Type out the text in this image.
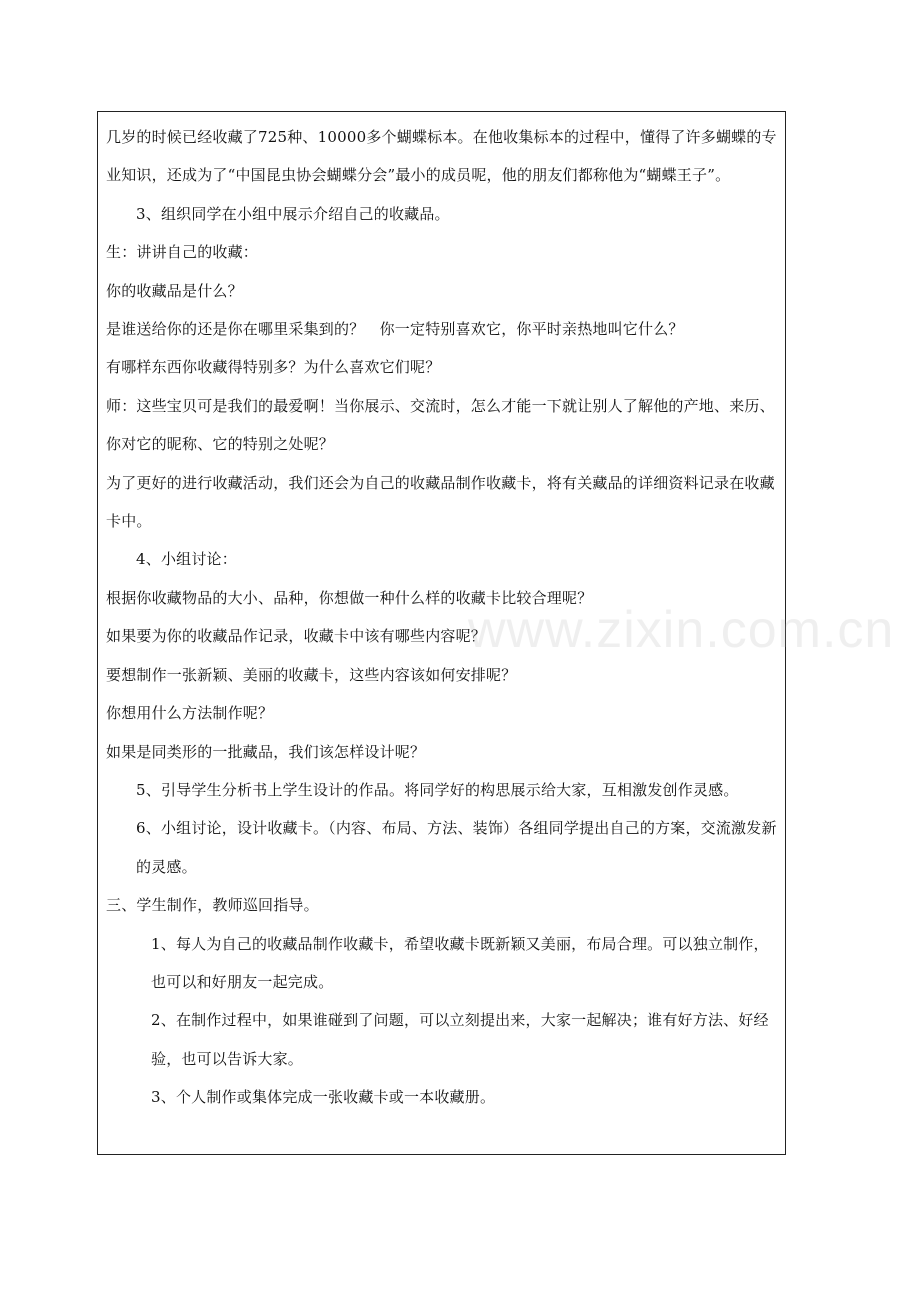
几岁的时候已经收藏了725种、10000多个蝴蝶标本。在他收集标本的过程中，懂得了许多蝴蝶的专业知识，还成为了“中国昆虫协会蝴蝶分会”最小的成员呢，他的朋友们都称他为“蝴蝶王子”。

3、组织同学在小组中展示介绍自己的收藏品。

生：讲讲自己的收藏：

你的收藏品是什么？

是谁送给你的还是你在哪里采集到的？　你一定特别喜欢它，你平时亲热地叫它什么？

有哪样东西你收藏得特别多？为什么喜欢它们呢？

师：这些宝贝可是我们的最爱啊！当你展示、交流时，怎么才能一下就让别人了解他的产地、来历、你对它的昵称、它的特别之处呢？

为了更好的进行收藏活动，我们还会为自己的收藏品制作收藏卡，将有关藏品的详细资料记录在收藏卡中。

4、小组讨论：

根据你收藏物品的大小、品种，你想做一种什么样的收藏卡比较合理呢？

如果要为你的收藏品作记录，收藏卡中该有哪些内容呢？

要想制作一张新颖、美丽的收藏卡，这些内容该如何安排呢？

你想用什么方法制作呢？

如果是同类形的一批藏品，我们该怎样设计呢？

5、引导学生分析书上学生设计的作品。将同学好的构思展示给大家，互相激发创作灵感。

6、小组讨论，设计收藏卡。（内容、布局、方法、装饰）各组同学提出自己的方案，交流激发新的灵感。

三、学生制作，教师巡回指导。

1、每人为自己的收藏品制作收藏卡，希望收藏卡既新颖又美丽，布局合理。可以独立制作，也可以和好朋友一起完成。

2、在制作过程中，如果谁碰到了问题，可以立刻提出来，大家一起解决；谁有好方法、好经验，也可以告诉大家。

3、个人制作或集体完成一张收藏卡或一本收藏册。

www.zixin.com.cn
